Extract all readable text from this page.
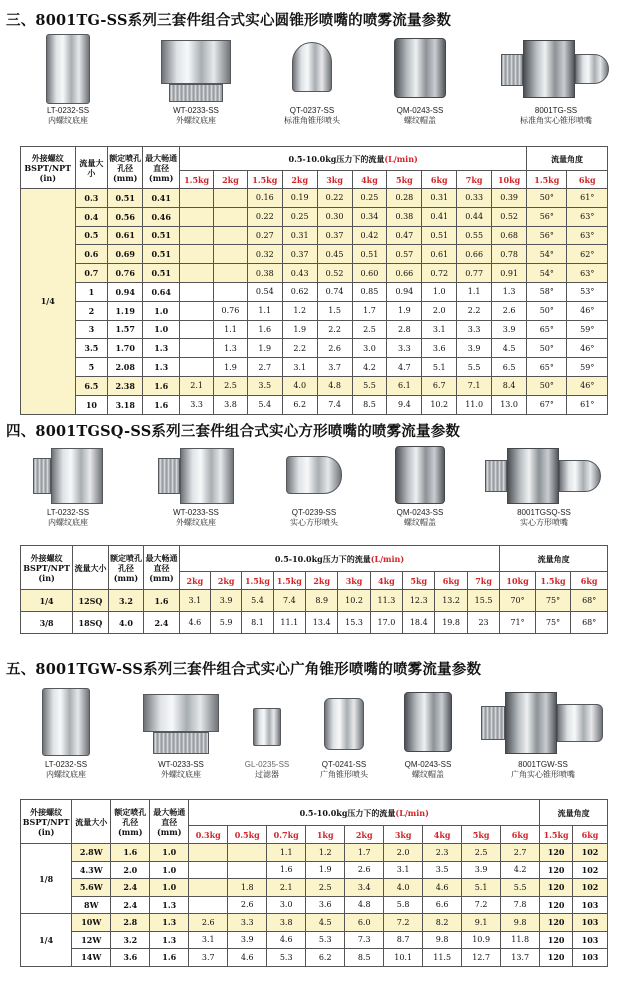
三、8001TG-SS系列三套件组合式实心圆锥形喷嘴的喷雾流量参数
LT-0232-SS
内螺纹底座
WT-0233-SS
外螺纹底座
QT-0237-SS
标准角锥形喷头
QM-0243-SS
螺纹帽盖
8001TG-SS
标准角实心锥形喷嘴
外接螺纹 BSPT/NPT (in)	流量大小	额定喷孔孔径 (mm)	最大畅通直径 (mm)	0.5-10.0kg压力下的流量(L/min)										流量角度	
				1.5kg	2kg	1.5kg	2kg	3kg	4kg	5kg	6kg	7kg	10kg	1.5kg	6kg
1/4	0.3	0.51	0.41			0.16	0.19	0.22	0.25	0.28	0.31	0.33	0.39	50°	61°
	0.4	0.56	0.46			0.22	0.25	0.30	0.34	0.38	0.41	0.44	0.52	56°	63°
	0.5	0.61	0.51			0.27	0.31	0.37	0.42	0.47	0.51	0.55	0.68	56°	63°
	0.6	0.69	0.51			0.32	0.37	0.45	0.51	0.57	0.61	0.66	0.78	54°	62°
	0.7	0.76	0.51			0.38	0.43	0.52	0.60	0.66	0.72	0.77	0.91	54°	63°
	1	0.94	0.64			0.54	0.62	0.74	0.85	0.94	1.0	1.1	1.3	58°	53°
	2	1.19	1.0		0.76	1.1	1.2	1.5	1.7	1.9	2.0	2.2	2.6	50°	46°
	3	1.57	1.0		1.1	1.6	1.9	2.2	2.5	2.8	3.1	3.3	3.9	65°	59°
	3.5	1.70	1.3		1.3	1.9	2.2	2.6	3.0	3.3	3.6	3.9	4.5	50°	46°
	5	2.08	1.3		1.9	2.7	3.1	3.7	4.2	4.7	5.1	5.5	6.5	65°	59°
	6.5	2.38	1.6	2.1	2.5	3.5	4.0	4.8	5.5	6.1	6.7	7.1	8.4	50°	46°
	10	3.18	1.6	3.3	3.8	5.4	6.2	7.4	8.5	9.4	10.2	11.0	13.0	67°	61°
四、8001TGSQ-SS系列三套件组合式实心方形喷嘴的喷雾流量参数
LT-0232-SS
内螺纹底座
WT-0233-SS
外螺纹底座
QT-0239-SS
实心方形喷头
QM-0243-SS
螺纹帽盖
8001TGSQ-SS
实心方形喷嘴
外接螺纹 BSPT/NPT (in)	流量大小	额定喷孔孔径 (mm)	最大畅通直径 (mm)	0.5-10.0kg压力下的流量(L/min)										流量角度		
				2kg	2kg	1.5kg	1.5kg	2kg	3kg	4kg	5kg	6kg	7kg	10kg	1.5kg	6kg
1/4	12SQ	3.2	1.6	3.1	3.9	5.4	7.4	8.9	10.2	11.3	12.3	13.2	15.5	70°	75°	68°
3/8	18SQ	4.0	2.4	4.6	5.9	8.1	11.1	13.4	15.3	17.0	18.4	19.8	23	71°	75°	68°
五、8001TGW-SS系列三套件组合式实心广角锥形喷嘴的喷雾流量参数
LT-0232-SS
内螺纹底座
WT-0233-SS
外螺纹底座
GL-0235-SS
过滤器
QT-0241-SS
广角锥形喷头
QM-0243-SS
螺纹帽盖
8001TGW-SS
广角实心锥形喷嘴
外接螺纹 BSPT/NPT (in)	流量大小	额定喷孔孔径 (mm)	最大畅通直径 (mm)	0.5-10.0kg压力下的流量(L/min)									流量角度	
				0.3kg	0.5kg	0.7kg	1kg	2kg	3kg	4kg	5kg	6kg	1.5kg	6kg
1/8	2.8W	1.6	1.0			1.1	1.2	1.7	2.0	2.3	2.5	2.7	120	102
	4.3W	2.0	1.0			1.6	1.9	2.6	3.1	3.5	3.9	4.2	120	102
	5.6W	2.4	1.0		1.8	2.1	2.5	3.4	4.0	4.6	5.1	5.5	120	102
	8W	2.4	1.3		2.6	3.0	3.6	4.8	5.8	6.6	7.2	7.8	120	103
1/4	10W	2.8	1.3	2.6	3.3	3.8	4.5	6.0	7.2	8.2	9.1	9.8	120	103
	12W	3.2	1.3	3.1	3.9	4.6	5.3	7.3	8.7	9.8	10.9	11.8	120	103
	14W	3.6	1.6	3.7	4.6	5.3	6.2	8.5	10.1	11.5	12.7	13.7	120	103
